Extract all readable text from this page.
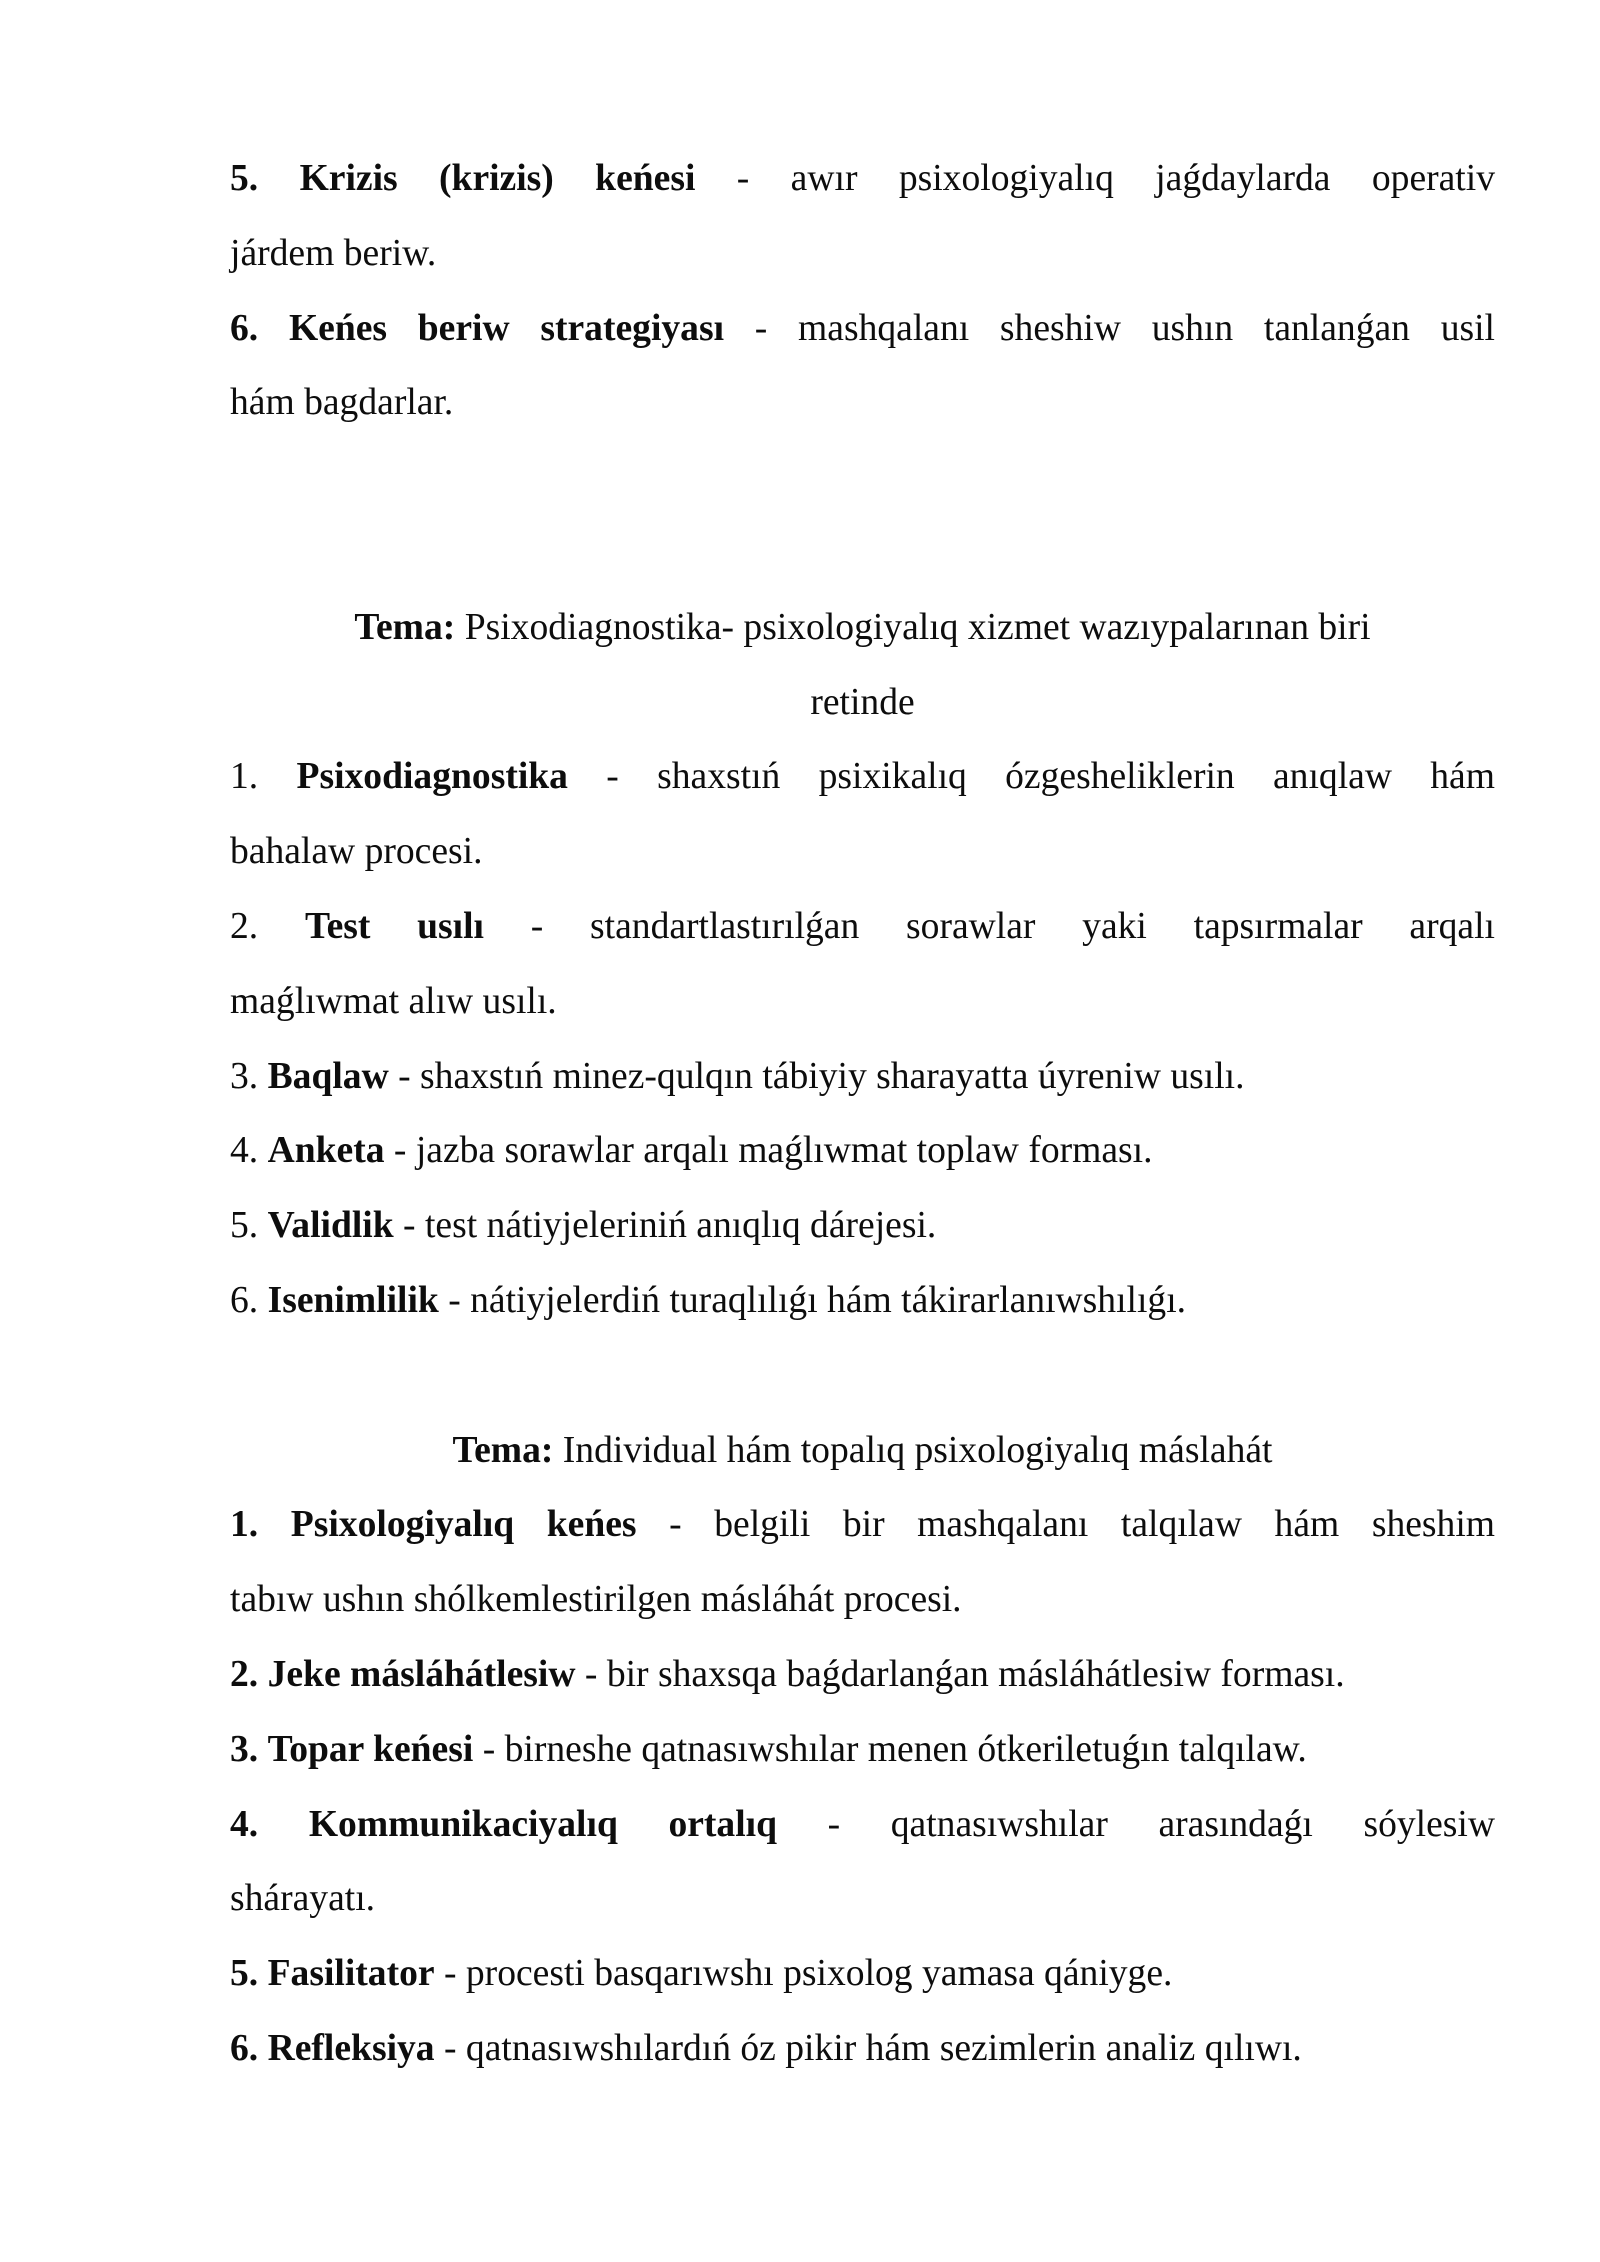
5. Krizis (krizis) keńesi - awır psixologiyalıq jaǵdaylarda operativ
járdem beriw.

6. Keńes beriw strategiyası - mashqalanı sheshiw ushın tanlanǵan usil
hám bagdarlar.

Tema: Psixodiagnostika- psixologiyalıq xizmet wazıypalarınan biri
retinde

1. Psixodiagnostika - shaxstıń psixikalıq ózgesheliklerin anıqlaw hám
bahalaw procesi.

2. Test usılı - standartlastırılǵan sorawlar yaki tapsırmalar arqalı
maǵlıwmat alıw usılı.

3. Baqlaw - shaxstıń minez-qulqın tábiyiy sharayatta úyreniw usılı.

4. Anketa - jazba sorawlar arqalı maǵlıwmat toplaw forması.

5. Validlik - test nátiyjeleriniń anıqlıq dárejesi.

6. Isenimlilik - nátiyjelerdiń turaqlılıǵı hám tákirarlanıwshılıǵı.

Tema: Individual hám topalıq psixologiyalıq máslahát

1. Psixologiyalıq keńes - belgili bir mashqalanı talqılaw hám sheshim
tabıw ushın shólkemlestirilgen másláhát procesi.

2. Jeke másláhátlesiw - bir shaxsqa baǵdarlanǵan másláhátlesiw forması.

3. Topar keńesi - birneshe qatnasıwshılar menen ótkeriletuǵın talqılaw.

4. Kommunikaciyalıq ortalıq - qatnasıwshılar arasındaǵı sóylesiw
shárayatı.

5. Fasilitator - procesti basqarıwshı psixolog yamasa qániyge.

6. Refleksiya - qatnasıwshılardıń óz pikir hám sezimlerin analiz qılıwı.
